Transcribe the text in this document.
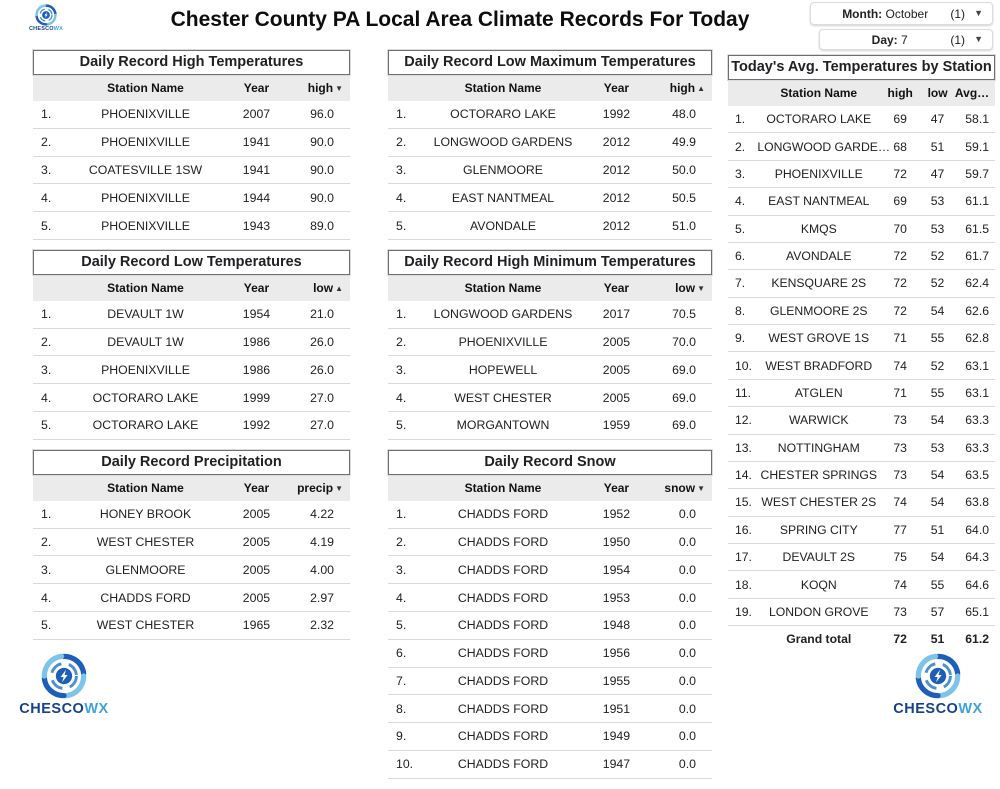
CHESCOWX	Chester County PA Local Area Climate Records For Today	Month: October (1) ▼
Day: 7	(1) ▼
Daily Record High Temperatures
	Station Name	Year	high ▼
1.	PHOENIXVILLE	2007	96.0
2.	PHOENIXVILLE	1941	90.0
3.	COATESVILLE 1SW	1941	90.0
4.	PHOENIXVILLE	1944	90.0
5.	PHOENIXVILLE	1943	89.0
Daily Record Low Temperatures
	Station Name	Year	low ▲
1.	DEVAULT 1W	1954	21.0
2.	DEVAULT 1W	1986	26.0
3.	PHOENIXVILLE	1986	26.0
4.	OCTORARO LAKE	1999	27.0
5.	OCTORARO LAKE	1992	27.0
Daily Record Precipitation
	Station Name	Year	precip ▼
1.	HONEY BROOK	2005	4.22
2.	WEST CHESTER	2005	4.19
3.	GLENMOORE	2005	4.00
4.	CHADDS FORD	2005	2.97
5.	WEST CHESTER	1965	2.32
Daily Record Low Maximum Temperatures
	Station Name	Year	high ▲
1.	OCTORARO LAKE	1992	48.0
2.	LONGWOOD GARDENS	2012	49.9
3.	GLENMOORE	2012	50.0
4.	EAST NANTMEAL	2012	50.5
5.	AVONDALE	2012	51.0
Daily Record High Minimum Temperatures
	Station Name	Year	low ▼
1.	LONGWOOD GARDENS	2017	70.5
2.	PHOENIXVILLE	2005	70.0
3.	HOPEWELL	2005	69.0
4.	WEST CHESTER	2005	69.0
5.	MORGANTOWN	1959	69.0
Daily Record Snow
	Station Name	Year	snow ▼
1.	CHADDS FORD	1952	0.0
2.	CHADDS FORD	1950	0.0
3.	CHADDS FORD	1954	0.0
4.	CHADDS FORD	1953	0.0
5.	CHADDS FORD	1948	0.0
6.	CHADDS FORD	1956	0.0
7.	CHADDS FORD	1955	0.0
8.	CHADDS FORD	1951	0.0
9.	CHADDS FORD	1949	0.0
10.	CHADDS FORD	1947	0.0
Today's Avg. Temperatures by Station
	Station Name	high	low	Avg…
1.	OCTORARO LAKE	69	47	58.1
2.	LONGWOOD GARDE…	68	51	59.1
3.	PHOENIXVILLE	72	47	59.7
4.	EAST NANTMEAL	69	53	61.1
5.	KMQS	70	53	61.5
6.	AVONDALE	72	52	61.7
7.	KENSQUARE 2S	72	52	62.4
8.	GLENMOORE 2S	72	54	62.6
9.	WEST GROVE 1S	71	55	62.8
10.	WEST BRADFORD	74	52	63.1
11.	ATGLEN	71	55	63.1
12.	WARWICK	73	54	63.3
13.	NOTTINGHAM	73	53	63.3
14.	CHESTER SPRINGS	73	54	63.5
15.	WEST CHESTER 2S	74	54	63.8
16.	SPRING CITY	77	51	64.0
17.	DEVAULT 2S	75	54	64.3
18.	KOQN	74	55	64.6
19.	LONDON GROVE	73	57	65.1
	Grand total	72	51	61.2
CHESCOWX	CHESCOWX
